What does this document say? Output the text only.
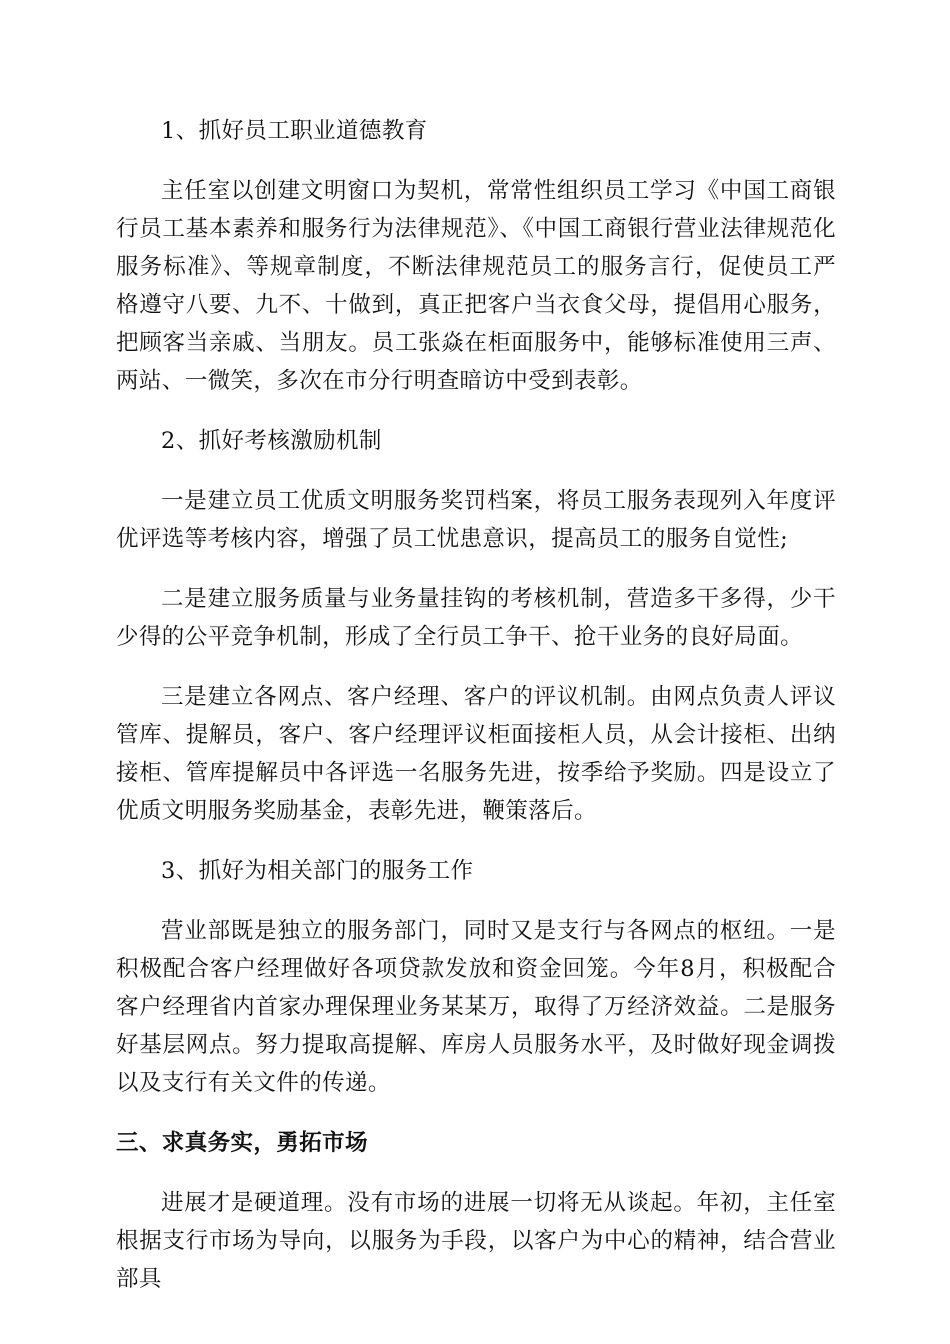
1、抓好员工职业道德教育

主任室以创建文明窗口为契机，常常性组织员工学习《中国工商银行员工基本素养和服务行为法律规范》、《中国工商银行营业法律规范化服务标准》、等规章制度，不断法律规范员工的服务言行，促使员工严格遵守八要、九不、十做到，真正把客户当衣食父母，提倡用心服务，把顾客当亲戚、当朋友。员工张焱在柜面服务中，能够标准使用三声、两站、一微笑，多次在市分行明查暗访中受到表彰。

2、抓好考核激励机制

一是建立员工优质文明服务奖罚档案，将员工服务表现列入年度评优评选等考核内容，增强了员工忧患意识，提高员工的服务自觉性;

二是建立服务质量与业务量挂钩的考核机制，营造多干多得，少干少得的公平竞争机制，形成了全行员工争干、抢干业务的良好局面。

三是建立各网点、客户经理、客户的评议机制。由网点负责人评议管库、提解员，客户、客户经理评议柜面接柜人员，从会计接柜、出纳接柜、管库提解员中各评选一名服务先进，按季给予奖励。四是设立了优质文明服务奖励基金，表彰先进，鞭策落后。

3、抓好为相关部门的服务工作

营业部既是独立的服务部门，同时又是支行与各网点的枢纽。一是积极配合客户经理做好各项贷款发放和资金回笼。今年8月，积极配合客户经理省内首家办理保理业务某某万，取得了万经济效益。二是服务好基层网点。努力提取高提解、库房人员服务水平，及时做好现金调拨以及支行有关文件的传递。

三、求真务实，勇拓市场

进展才是硬道理。没有市场的进展一切将无从谈起。年初，主任室根据支行市场为导向，以服务为手段，以客户为中心的精神，结合营业部具
